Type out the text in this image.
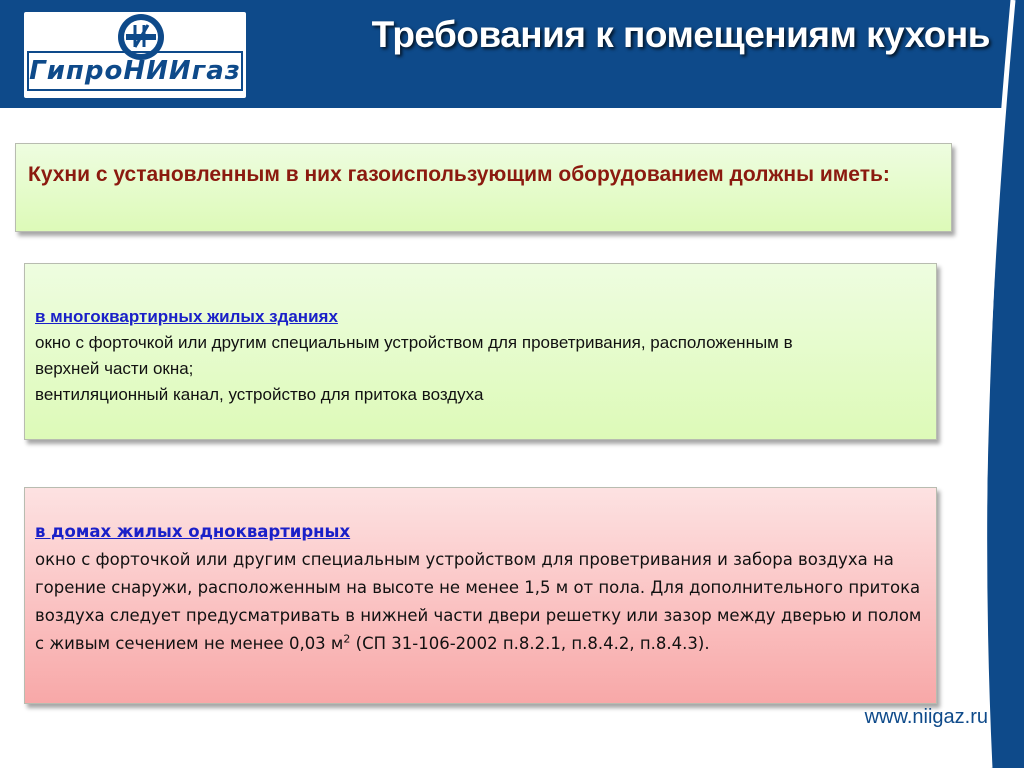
ГипроНИИгаз
Требования к помещениям кухонь

Кухни с установленным в них газоиспользующим оборудованием должны иметь:

в многоквартирных жилых зданиях
окно с форточкой или другим специальным устройством для проветривания, расположенным в
верхней части окна;
вентиляционный канал, устройство для притока воздуха
в домах жилых одноквартирных

окно с форточкой или другим специальным устройством для проветривания и забора воздуха на горение снаружи, расположенным на высоте не менее 1,5 м от пола. Для дополнительного притока воздуха следует предусматривать в нижней части двери решетку или зазор между дверью и полом с живым сечением не менее 0,03 $м^2$ (СП 31-106-2002 п.8.2.1, п.8.4.2, п.8.4.3).

www.niigaz.ru
